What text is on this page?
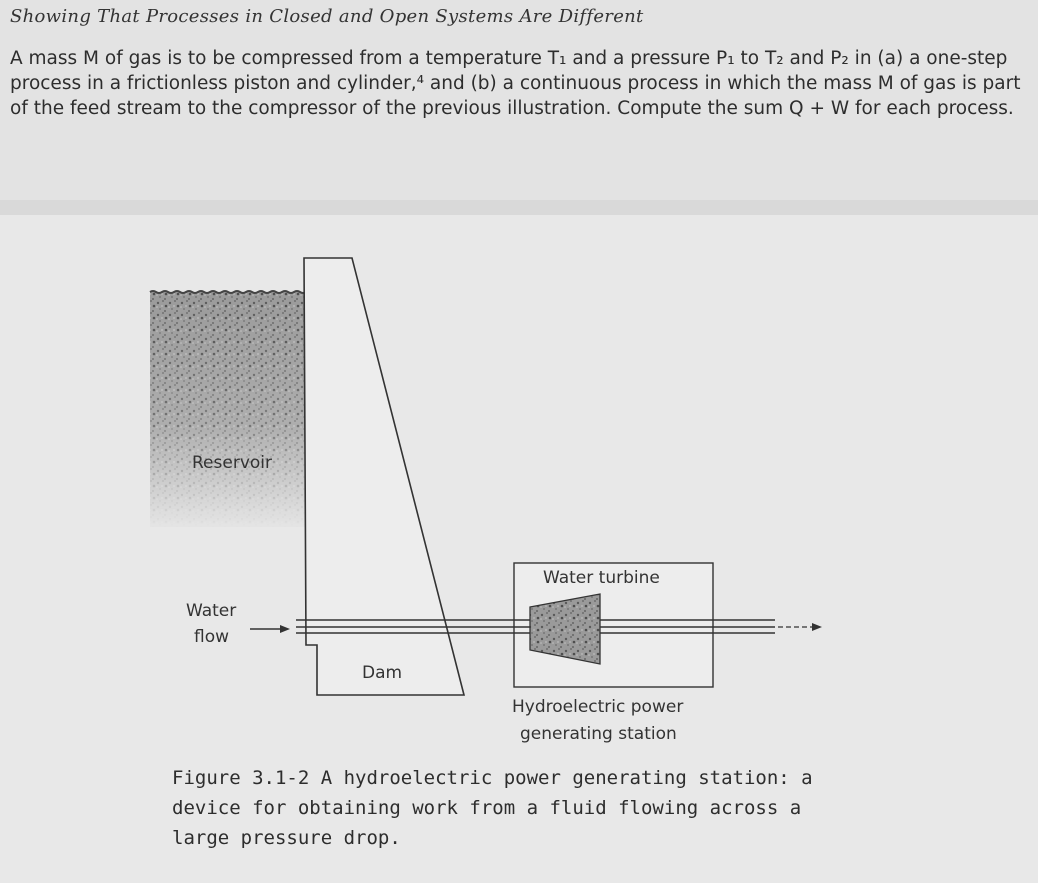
Showing That Processes in Closed and Open Systems Are Different

A mass M of gas is to be compressed from a temperature T₁ and a pressure P₁ to T₂ and P₂ in (a) a one-step process in a frictionless piston and cylinder,⁴ and (b) a continuous process in which the mass M of gas is part of the feed stream to the compressor of the previous illustration. Compute the sum Q + W for each process.

Reservoir
Water
flow
Dam
Water turbine
Hydroelectric power
generating station

Figure 3.1-2 A hydroelectric power generating station: a device for obtaining work from a fluid flowing across a large pressure drop.
